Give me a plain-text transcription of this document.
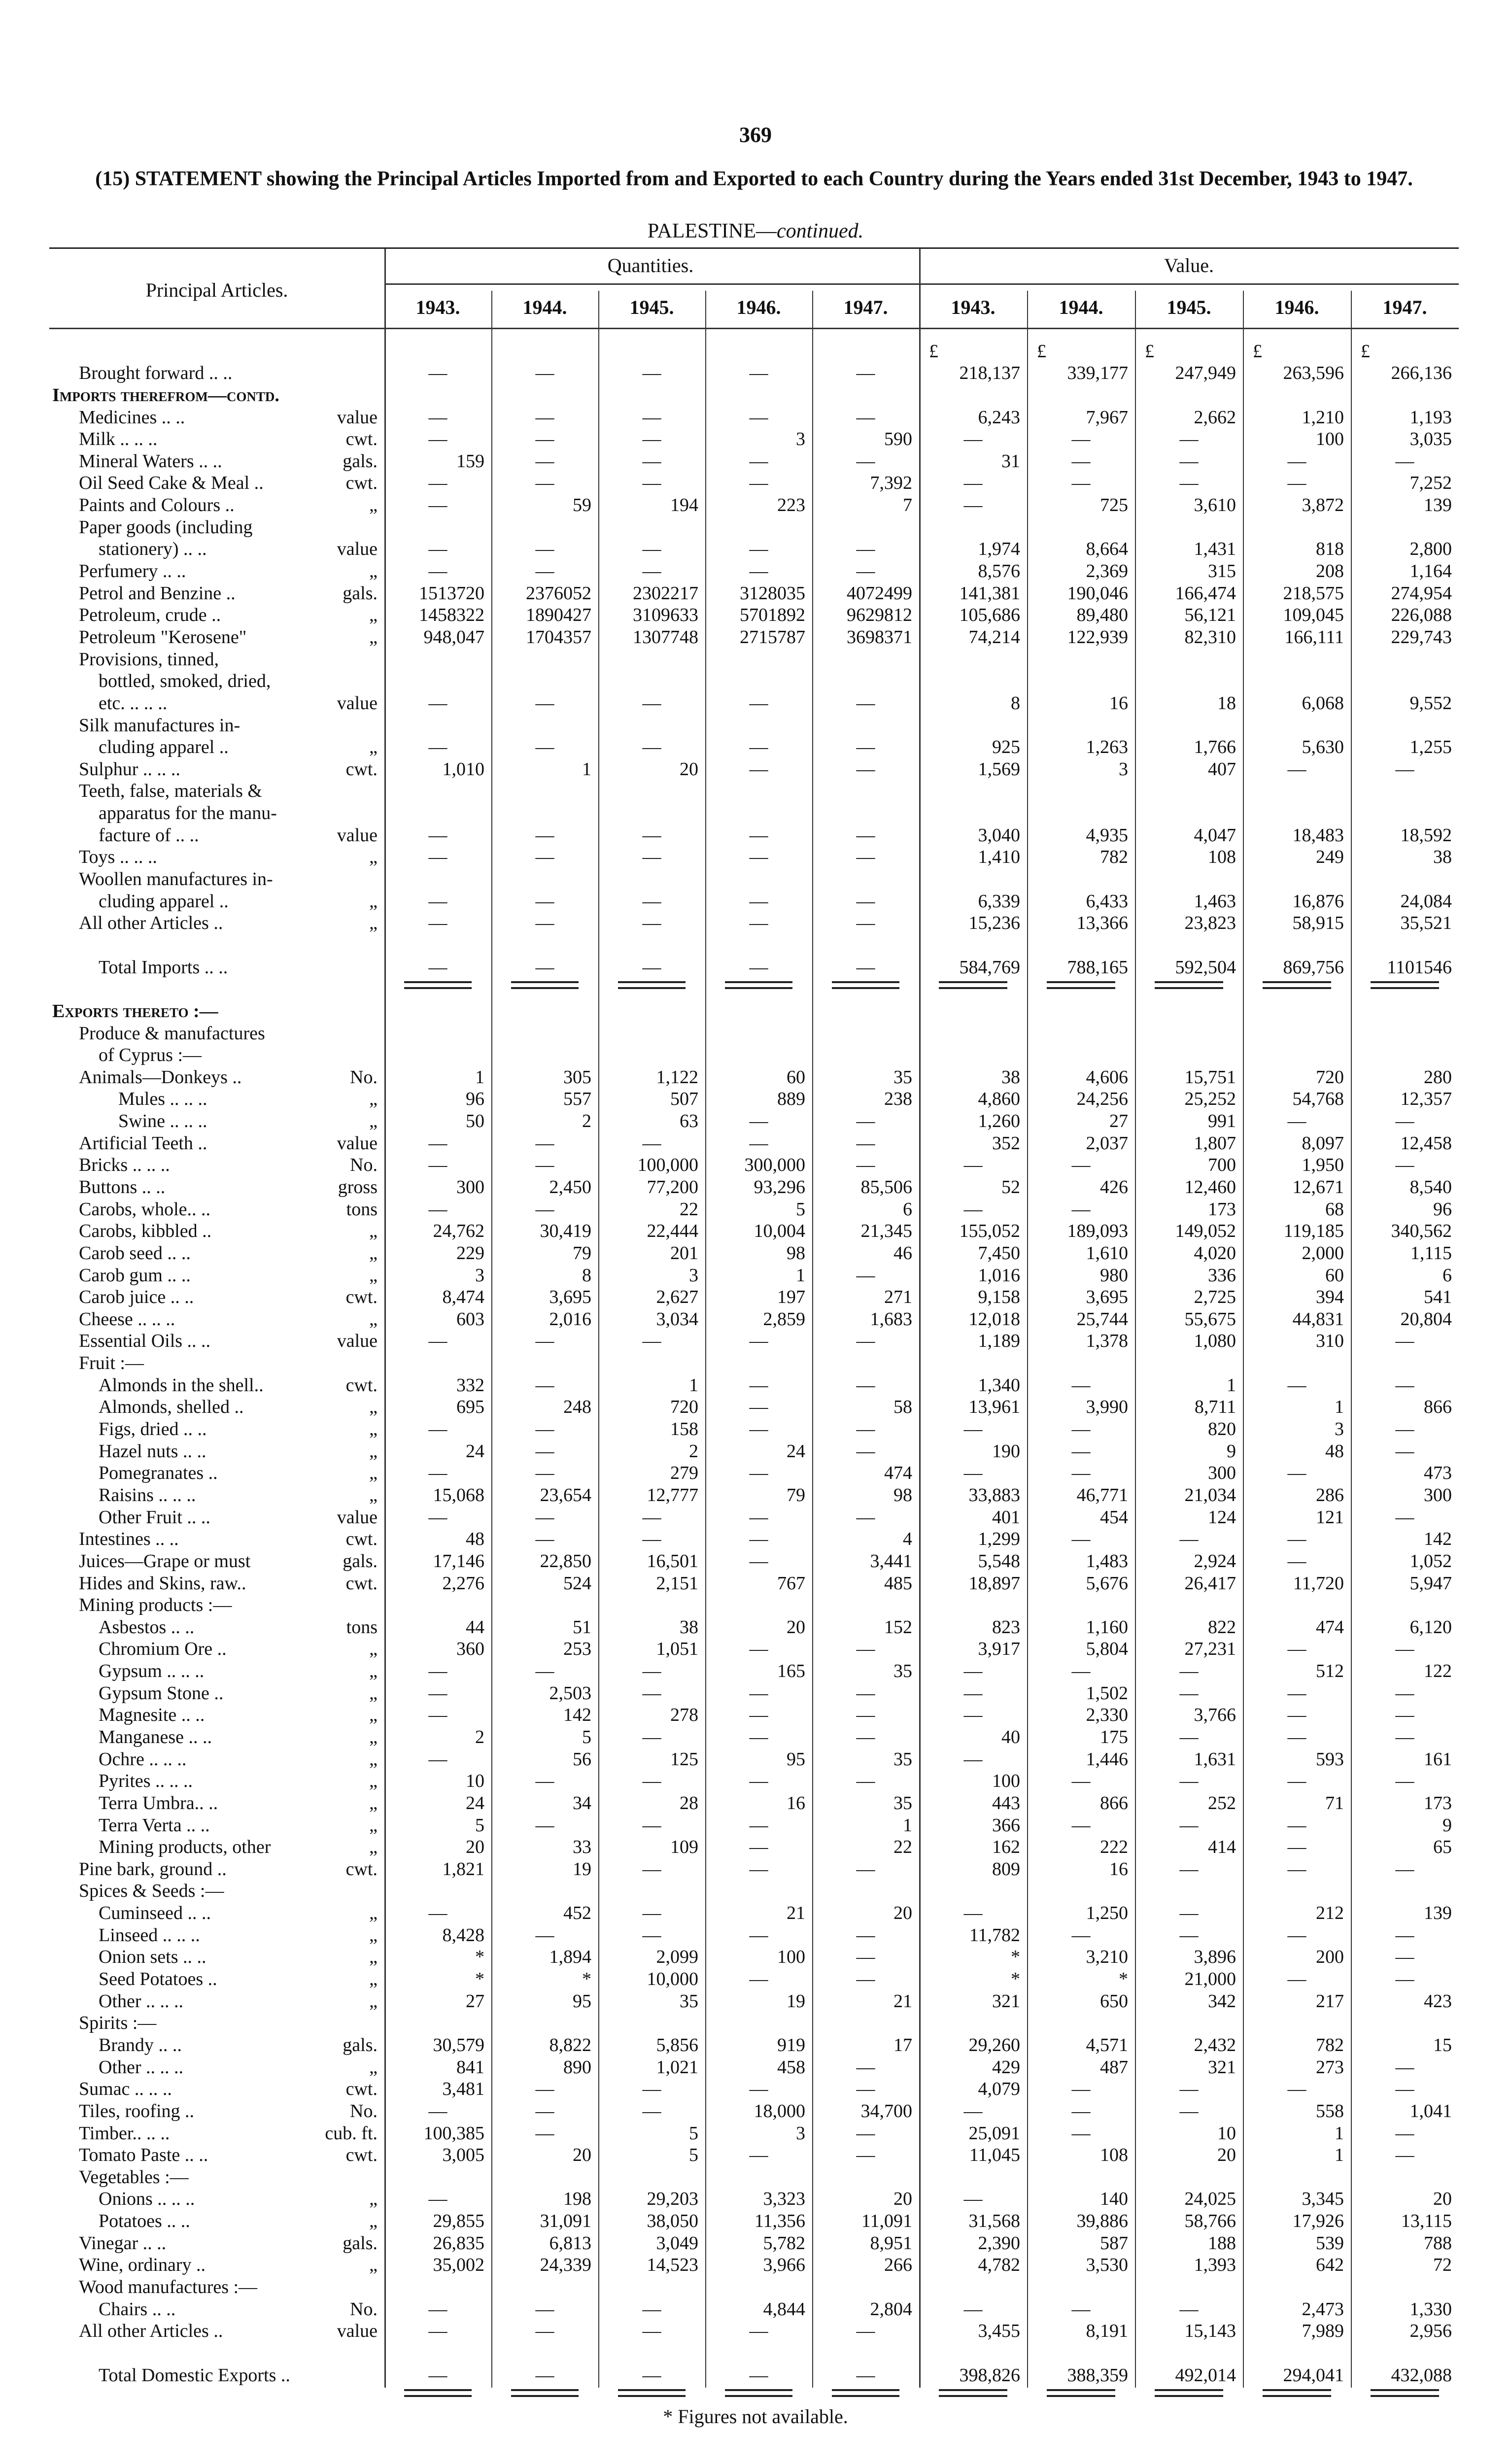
369
(15) STATEMENT showing the Principal Articles Imported from and Exported to each Country during the Years ended 31st December, 1943 to 1947.
PALESTINE—continued.
Principal Articles.
Quantities.	Value.
1943.	1944.	1945.	1946.	1947.	1943.	1944.	1945.	1946.	1947.
						£	£	£	£	£
Brought forward .. ..	—	—	—	—	—	218,137	339,177	247,949	263,596	266,136
Imports therefrom—contd.										
Medicines .. .. value	—	—	—	—	—	6,243	7,967	2,662	1,210	1,193
Milk .. .. .. cwt.	—	—	—	3	590	—	—	—	100	3,035
Mineral Waters .. .. gals.	159	—	—	—	—	31	—	—	—	—
Oil Seed Cake & Meal .. cwt.	—	—	—	—	7,392	—	—	—	—	7,252
Paints and Colours .. „	—	59	194	223	7	—	725	3,610	3,872	139
Paper goods (including										
stationery) .. .. value	—	—	—	—	—	1,974	8,664	1,431	818	2,800
Perfumery .. .. „	—	—	—	—	—	8,576	2,369	315	208	1,164
Petrol and Benzine .. gals.	1513720	2376052	2302217	3128035	4072499	141,381	190,046	166,474	218,575	274,954
Petroleum, crude .. „	1458322	1890427	3109633	5701892	9629812	105,686	89,480	56,121	109,045	226,088
Petroleum "Kerosene" „	948,047	1704357	1307748	2715787	3698371	74,214	122,939	82,310	166,111	229,743
Provisions, tinned,										
bottled, smoked, dried,										
etc. .. .. .. value	—	—	—	—	—	8	16	18	6,068	9,552
Silk manufactures in-										
cluding apparel .. „	—	—	—	—	—	925	1,263	1,766	5,630	1,255
Sulphur .. .. .. cwt.	1,010	1	20	—	—	1,569	3	407	—	—
Teeth, false, materials &										
apparatus for the manu-										
facture of .. .. value	—	—	—	—	—	3,040	4,935	4,047	18,483	18,592
Toys .. .. .. „	—	—	—	—	—	1,410	782	108	249	38
Woollen manufactures in-										
cluding apparel .. „	—	—	—	—	—	6,339	6,433	1,463	16,876	24,084
All other Articles .. „	—	—	—	—	—	15,236	13,366	23,823	58,915	35,521

Total Imports .. ..	—	—	—	—	—	584,769	788,165	592,504	869,756	1101546

Exports thereto :—										
Produce & manufactures										
of Cyprus :—										
Animals—Donkeys .. No.	1	305	1,122	60	35	38	4,606	15,751	720	280
Mules .. .. .. „	96	557	507	889	238	4,860	24,256	25,252	54,768	12,357
Swine .. .. .. „	50	2	63	—	—	1,260	27	991	—	—
Artificial Teeth .. value	—	—	—	—	—	352	2,037	1,807	8,097	12,458
Bricks .. .. .. No.	—	—	100,000	300,000	—	—	—	700	1,950	—
Buttons .. .. gross	300	2,450	77,200	93,296	85,506	52	426	12,460	12,671	8,540
Carobs, whole.. .. tons	—	—	22	5	6	—	—	173	68	96
Carobs, kibbled .. „	24,762	30,419	22,444	10,004	21,345	155,052	189,093	149,052	119,185	340,562
Carob seed .. .. „	229	79	201	98	46	7,450	1,610	4,020	2,000	1,115
Carob gum .. .. „	3	8	3	1	—	1,016	980	336	60	6
Carob juice .. .. cwt.	8,474	3,695	2,627	197	271	9,158	3,695	2,725	394	541
Cheese .. .. .. „	603	2,016	3,034	2,859	1,683	12,018	25,744	55,675	44,831	20,804
Essential Oils .. .. value	—	—	—	—	—	1,189	1,378	1,080	310	—
Fruit :—										
Almonds in the shell.. cwt.	332	—	1	—	—	1,340	—	1	—	—
Almonds, shelled .. „	695	248	720	—	58	13,961	3,990	8,711	1	866
Figs, dried .. .. „	—	—	158	—	—	—	—	820	3	—
Hazel nuts .. .. „	24	—	2	24	—	190	—	9	48	—
Pomegranates .. „	—	—	279	—	474	—	—	300	—	473
Raisins .. .. .. „	15,068	23,654	12,777	79	98	33,883	46,771	21,034	286	300
Other Fruit .. .. value	—	—	—	—	—	401	454	124	121	—
Intestines .. .. cwt.	48	—	—	—	4	1,299	—	—	—	142
Juices—Grape or must gals.	17,146	22,850	16,501	—	3,441	5,548	1,483	2,924	—	1,052
Hides and Skins, raw.. cwt.	2,276	524	2,151	767	485	18,897	5,676	26,417	11,720	5,947
Mining products :—										
Asbestos .. .. tons	44	51	38	20	152	823	1,160	822	474	6,120
Chromium Ore .. „	360	253	1,051	—	—	3,917	5,804	27,231	—	—
Gypsum .. .. .. „	—	—	—	165	35	—	—	—	512	122
Gypsum Stone .. „	—	2,503	—	—	—	—	1,502	—	—	—
Magnesite .. .. „	—	142	278	—	—	—	2,330	3,766	—	—
Manganese .. .. „	2	5	—	—	—	40	175	—	—	—
Ochre .. .. .. „	—	56	125	95	35	—	1,446	1,631	593	161
Pyrites .. .. .. „	10	—	—	—	—	100	—	—	—	—
Terra Umbra.. .. „	24	34	28	16	35	443	866	252	71	173
Terra Verta .. .. „	5	—	—	—	1	366	—	—	—	9
Mining products, other „	20	33	109	—	22	162	222	414	—	65
Pine bark, ground .. cwt.	1,821	19	—	—	—	809	16	—	—	—
Spices & Seeds :—										
Cuminseed .. .. „	—	452	—	21	20	—	1,250	—	212	139
Linseed .. .. .. „	8,428	—	—	—	—	11,782	—	—	—	—
Onion sets .. .. „	*	1,894	2,099	100	—	*	3,210	3,896	200	—
Seed Potatoes .. „	*	*	10,000	—	—	*	*	21,000	—	—
Other .. .. .. „	27	95	35	19	21	321	650	342	217	423
Spirits :—										
Brandy .. .. gals.	30,579	8,822	5,856	919	17	29,260	4,571	2,432	782	15
Other .. .. .. „	841	890	1,021	458	—	429	487	321	273	—
Sumac .. .. .. cwt.	3,481	—	—	—	—	4,079	—	—	—	—
Tiles, roofing .. No.	—	—	—	18,000	34,700	—	—	—	558	1,041
Timber.. .. .. cub. ft.	100,385	—	5	3	—	25,091	—	10	1	—
Tomato Paste .. .. cwt.	3,005	20	5	—	—	11,045	108	20	1	—
Vegetables :—										
Onions .. .. .. „	—	198	29,203	3,323	20	—	140	24,025	3,345	20
Potatoes .. .. „	29,855	31,091	38,050	11,356	11,091	31,568	39,886	58,766	17,926	13,115
Vinegar .. .. gals.	26,835	6,813	3,049	5,782	8,951	2,390	587	188	539	788
Wine, ordinary .. „	35,002	24,339	14,523	3,966	266	4,782	3,530	1,393	642	72
Wood manufactures :—										
Chairs .. .. No.	—	—	—	4,844	2,804	—	—	—	2,473	1,330
All other Articles .. value	—	—	—	—	—	3,455	8,191	15,143	7,989	2,956

Total Domestic Exports ..	—	—	—	—	—	398,826	388,359	492,014	294,041	432,088
* Figures not available.
